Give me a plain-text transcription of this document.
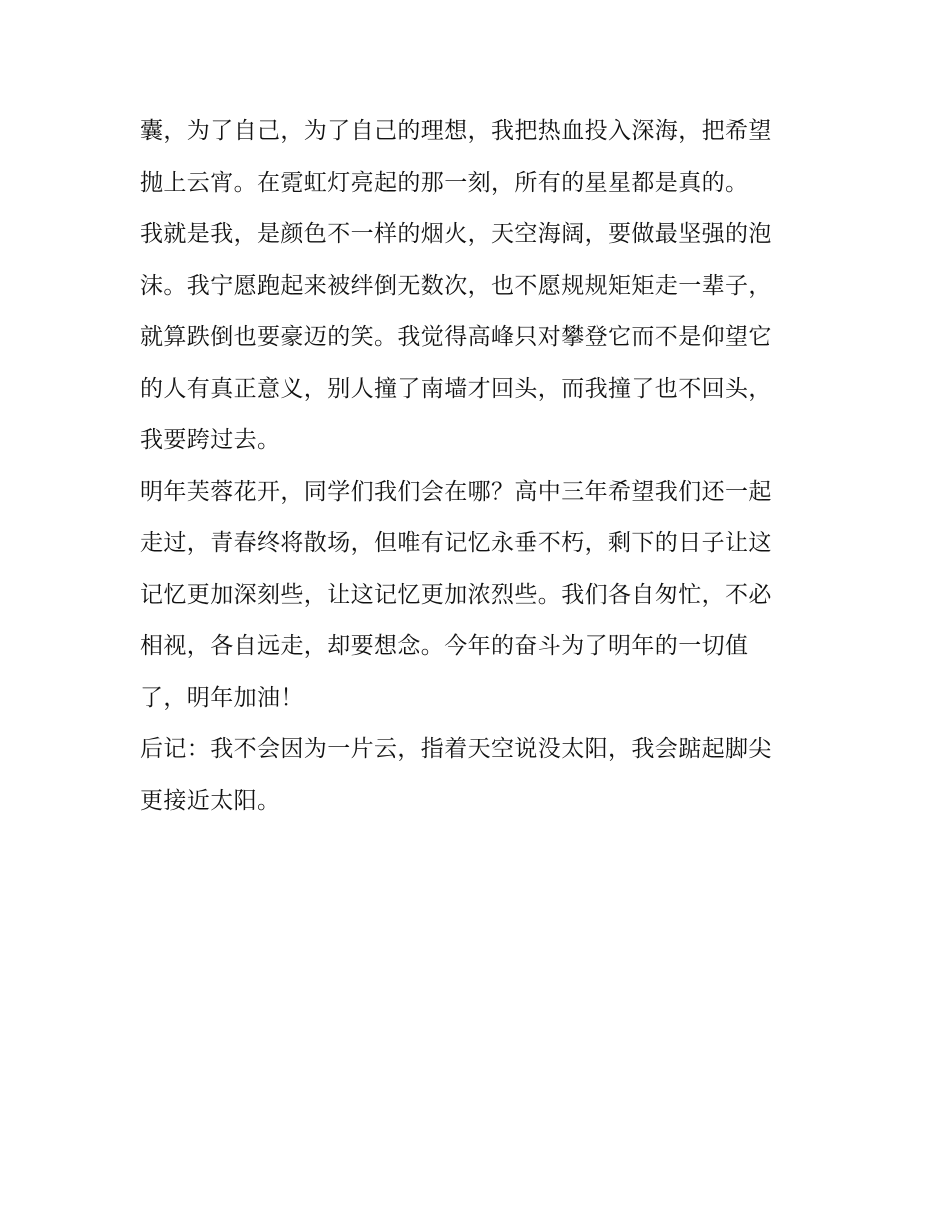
囊，为了自己，为了自己的理想，我把热血投入深海，把希望
抛上云宵。在霓虹灯亮起的那一刻，所有的星星都是真的。
我就是我，是颜色不一样的烟火，天空海阔，要做最坚强的泡
沫。我宁愿跑起来被绊倒无数次，也不愿规规矩矩走一辈子，
就算跌倒也要豪迈的笑。我觉得高峰只对攀登它而不是仰望它
的人有真正意义，别人撞了南墙才回头，而我撞了也不回头，
我要跨过去。
明年芙蓉花开，同学们我们会在哪？高中三年希望我们还一起
走过，青春终将散场，但唯有记忆永垂不朽，剩下的日子让这
记忆更加深刻些，让这记忆更加浓烈些。我们各自匆忙，不必
相视，各自远走，却要想念。今年的奋斗为了明年的一切值
了，明年加油！
后记：我不会因为一片云，指着天空说没太阳，我会踮起脚尖
更接近太阳。
